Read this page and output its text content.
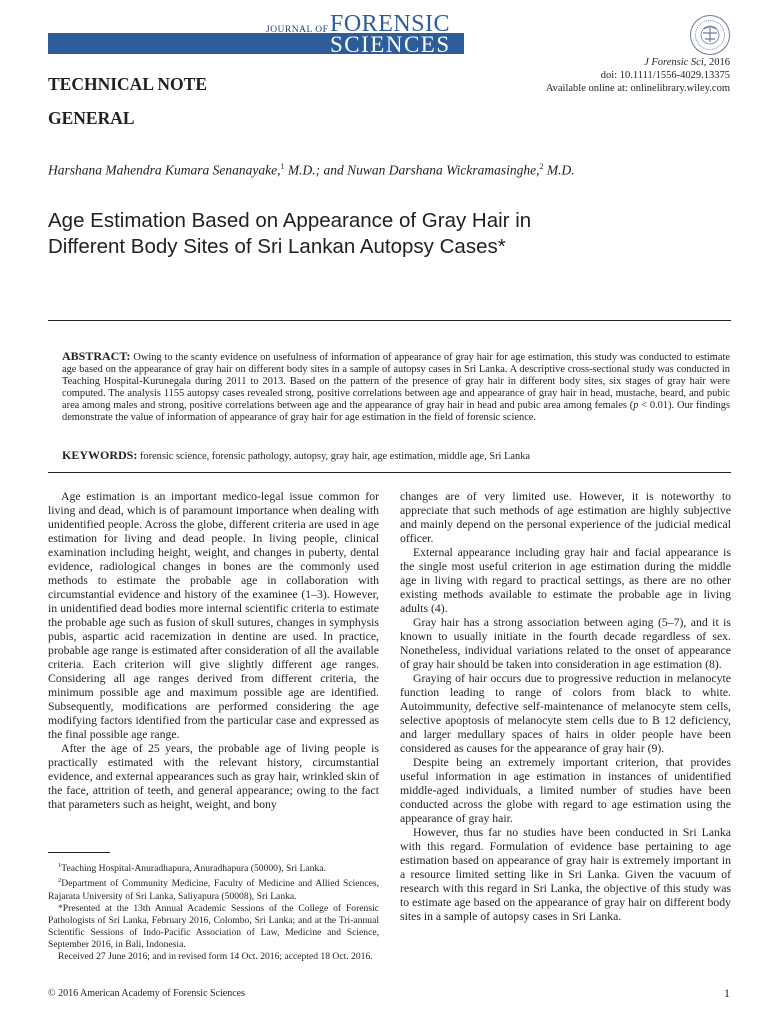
JOURNAL OF FORENSIC
SCIENCES
TECHNICAL NOTE
GENERAL
J Forensic Sci, 2016
doi: 10.1111/1556-4029.13375
Available online at: onlinelibrary.wiley.com
Harshana Mahendra Kumara Senanayake,$^1$ M.D.; and Nuwan Darshana Wickramasinghe,$^2$ M.D.
Age Estimation Based on Appearance of Gray Hair in Different Body Sites of Sri Lankan Autopsy Cases*
ABSTRACT: Owing to the scanty evidence on usefulness of information of appearance of gray hair for age estimation, this study was conducted to estimate age based on the appearance of gray hair on different body sites in a sample of autopsy cases in Sri Lanka. A descriptive cross-sectional study was conducted in Teaching Hospital-Kurunegala during 2011 to 2013. Based on the pattern of the presence of gray hair in different body sites, six stages of gray hair were computed. The analysis 1155 autopsy cases revealed strong, positive correlations between age and appearance of gray hair in head, mustache, beard, and pubic area among males and strong, positive correlations between age and the appearance of gray hair in head and pubic area among females (p < 0.01). Our findings demonstrate the value of information of appearance of gray hair for age estimation in the field of forensic science.
KEYWORDS: forensic science, forensic pathology, autopsy, gray hair, age estimation, middle age, Sri Lanka

Age estimation is an important medico-legal issue common for living and dead, which is of paramount importance when dealing with unidentified people. Across the globe, different criteria are used in age estimation for living and dead people. In living people, clinical examination including height, weight, and changes in puberty, dental evidence, radiological changes in bones are the commonly used methods to estimate the probable age in collaboration with circumstantial evidence and history of the examinee (1–3). However, in unidentified dead bodies more internal scientific criteria to estimate the probable age such as fusion of skull sutures, changes in symphysis pubis, aspartic acid racemization in dentine are used. In practice, probable age range is estimated after consideration of all the available criteria. Each criterion will give slightly different age ranges. Considering all age ranges derived from different criteria, the minimum possible age and maximum possible age are identified. Subsequently, modifications are performed considering the age modifying factors identified from the particular case and expressed as the final possible age range.

After the age of 25 years, the probable age of living people is practically estimated with the relevant history, circumstantial evidence, and external appearances such as gray hair, wrinkled skin of the face, attrition of teeth, and general appearance; owing to the fact that parameters such as height, weight, and bony

changes are of very limited use. However, it is noteworthy to appreciate that such methods of age estimation are highly subjective and mainly depend on the personal experience of the judicial medical officer.

External appearance including gray hair and facial appearance is the single most useful criterion in age estimation during the middle age in living with regard to practical settings, as there are no other existing methods available to estimate the probable age in living adults (4).

Gray hair has a strong association between aging (5–7), and it is known to usually initiate in the fourth decade regardless of sex. Nonetheless, individual variations related to the onset of appearance of gray hair should be taken into consideration in age estimation (8).

Graying of hair occurs due to progressive reduction in melanocyte function leading to range of colors from black to white. Autoimmunity, defective self-maintenance of melanocyte stem cells, selective apoptosis of melanocyte stem cells due to B 12 deficiency, and larger medullary spaces of hairs in older people have been considered as causes for the appearance of gray hair (9).

Despite being an extremely important criterion, that provides useful information in age estimation in instances of unidentified middle-aged individuals, a limited number of studies have been conducted across the globe with regard to age estimation using the appearance of gray hair.

However, thus far no studies have been conducted in Sri Lanka with this regard. Formulation of evidence base pertaining to age estimation based on appearance of gray hair is extremely important in a resource limited setting like in Sri Lanka. Given the vacuum of research with this regard in Sri Lanka, the objective of this study was to estimate age based on the appearance of gray hair on different body sites in a sample of autopsy cases in Sri Lanka.

$^1$Teaching Hospital-Anuradhapura, Anuradhapura (50000), Sri Lanka.

$^2$Department of Community Medicine, Faculty of Medicine and Allied Sciences, Rajarata University of Sri Lanka, Saliyapura (50008), Sri Lanka.

*Presented at the 13th Annual Academic Sessions of the College of Forensic Pathologists of Sri Lanka, February 2016, Colombo, Sri Lanka; and at the Tri-annual Scientific Sessions of Indo-Pacific Association of Law, Medicine and Science, September 2016, in Bali, Indonesia.

Received 27 June 2016; and in revised form 14 Oct. 2016; accepted 18 Oct. 2016.

© 2016 American Academy of Forensic Sciences	1
